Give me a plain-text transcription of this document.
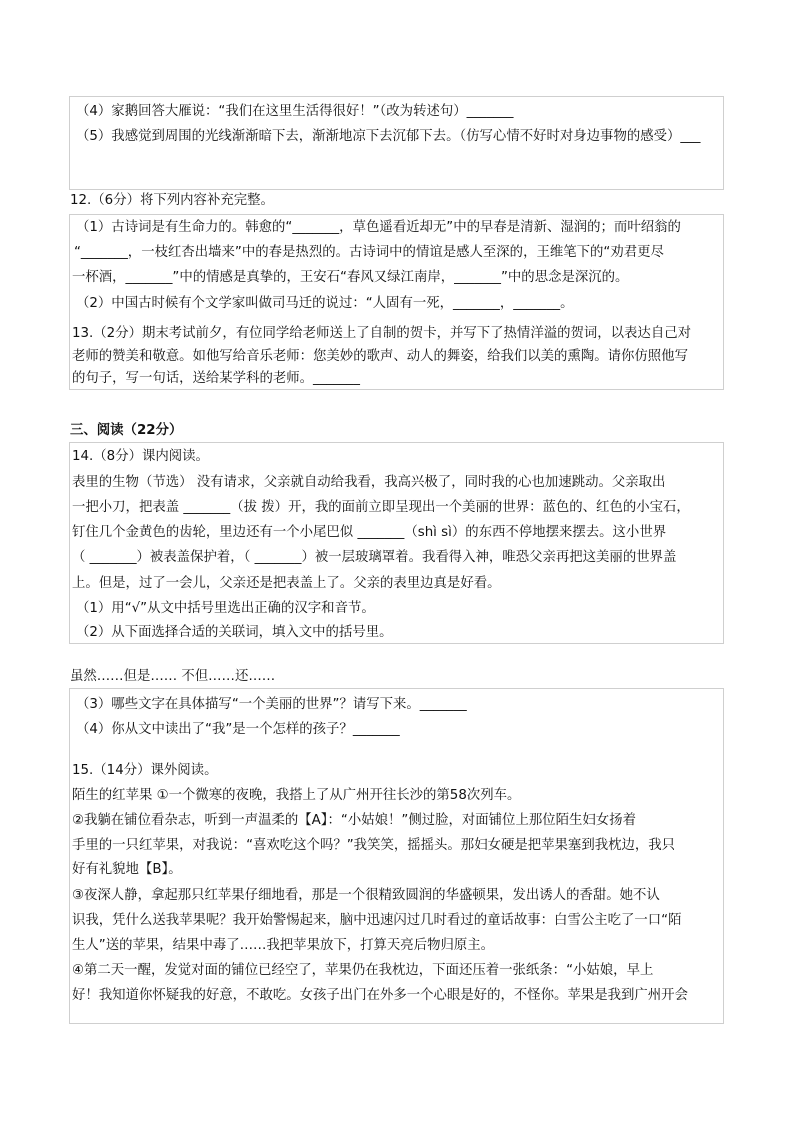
（4）家鹅回答大雁说：“我们在这里生活得很好！”（改为转述句）_______
（5）我感觉到周围的光线渐渐暗下去，渐渐地凉下去沉郁下去。（仿写心情不好时对身边事物的感受）___
12.（6分）将下列内容补充完整。
（1）古诗词是有生命力的。韩愈的“_______，草色遥看近却无”中的早春是清新、湿润的；而叶绍翁的
“_______，一枝红杏出墙来”中的春是热烈的。古诗词中的情谊是感人至深的，王维笔下的“劝君更尽
一杯酒，_______”中的情感是真挚的，王安石“春风又绿江南岸，_______”中的思念是深沉的。
（2）中国古时候有个文学家叫做司马迁的说过：“人固有一死，_______，_______。
13.（2分）期末考试前夕，有位同学给老师送上了自制的贺卡，并写下了热情洋溢的贺词，以表达自己对
老师的赞美和敬意。如他写给音乐老师：您美妙的歌声、动人的舞姿，给我们以美的熏陶。请你仿照他写
的句子，写一句话，送给某学科的老师。_______
三、阅读（22分）
14.（8分）课内阅读。
表里的生物（节选） 没有请求，父亲就自动给我看，我高兴极了，同时我的心也加速跳动。父亲取出
一把小刀，把表盖 _______（拔 拨）开，我的面前立即呈现出一个美丽的世界：蓝色的、红色的小宝石，
钉住几个金黄色的齿轮，里边还有一个小尾巴似 _______（shì sì）的东西不停地摆来摆去。这小世界
（ _______）被表盖保护着，（ _______）被一层玻璃罩着。我看得入神，唯恐父亲再把这美丽的世界盖
上。但是，过了一会儿，父亲还是把表盖上了。父亲的表里边真是好看。
（1）用“√”从文中括号里选出正确的汉字和音节。
（2）从下面选择合适的关联词，填入文中的括号里。
虽然……但是…… 不但……还……
（3）哪些文字在具体描写“一个美丽的世界”？请写下来。_______
（4）你从文中读出了“我”是一个怎样的孩子？_______
15.（14分）课外阅读。
陌生的红苹果 ①一个微寒的夜晚，我搭上了从广州开往长沙的第58次列车。
②我躺在铺位看杂志，听到一声温柔的【A】：“小姑娘！”侧过脸，对面铺位上那位陌生妇女扬着
手里的一只红苹果，对我说：“喜欢吃这个吗？”我笑笑，摇摇头。那妇女硬是把苹果塞到我枕边，我只
好有礼貌地【B】。
③夜深人静，拿起那只红苹果仔细地看，那是一个很精致圆润的华盛顿果，发出诱人的香甜。她不认
识我，凭什么送我苹果呢？我开始警惕起来，脑中迅速闪过几时看过的童话故事：白雪公主吃了一口“陌
生人”送的苹果，结果中毒了……我把苹果放下，打算天亮后物归原主。
④第二天一醒，发觉对面的铺位已经空了，苹果仍在我枕边，下面还压着一张纸条：“小姑娘，早上
好！我知道你怀疑我的好意，不敢吃。女孩子出门在外多一个心眼是好的，不怪你。苹果是我到广州开会
